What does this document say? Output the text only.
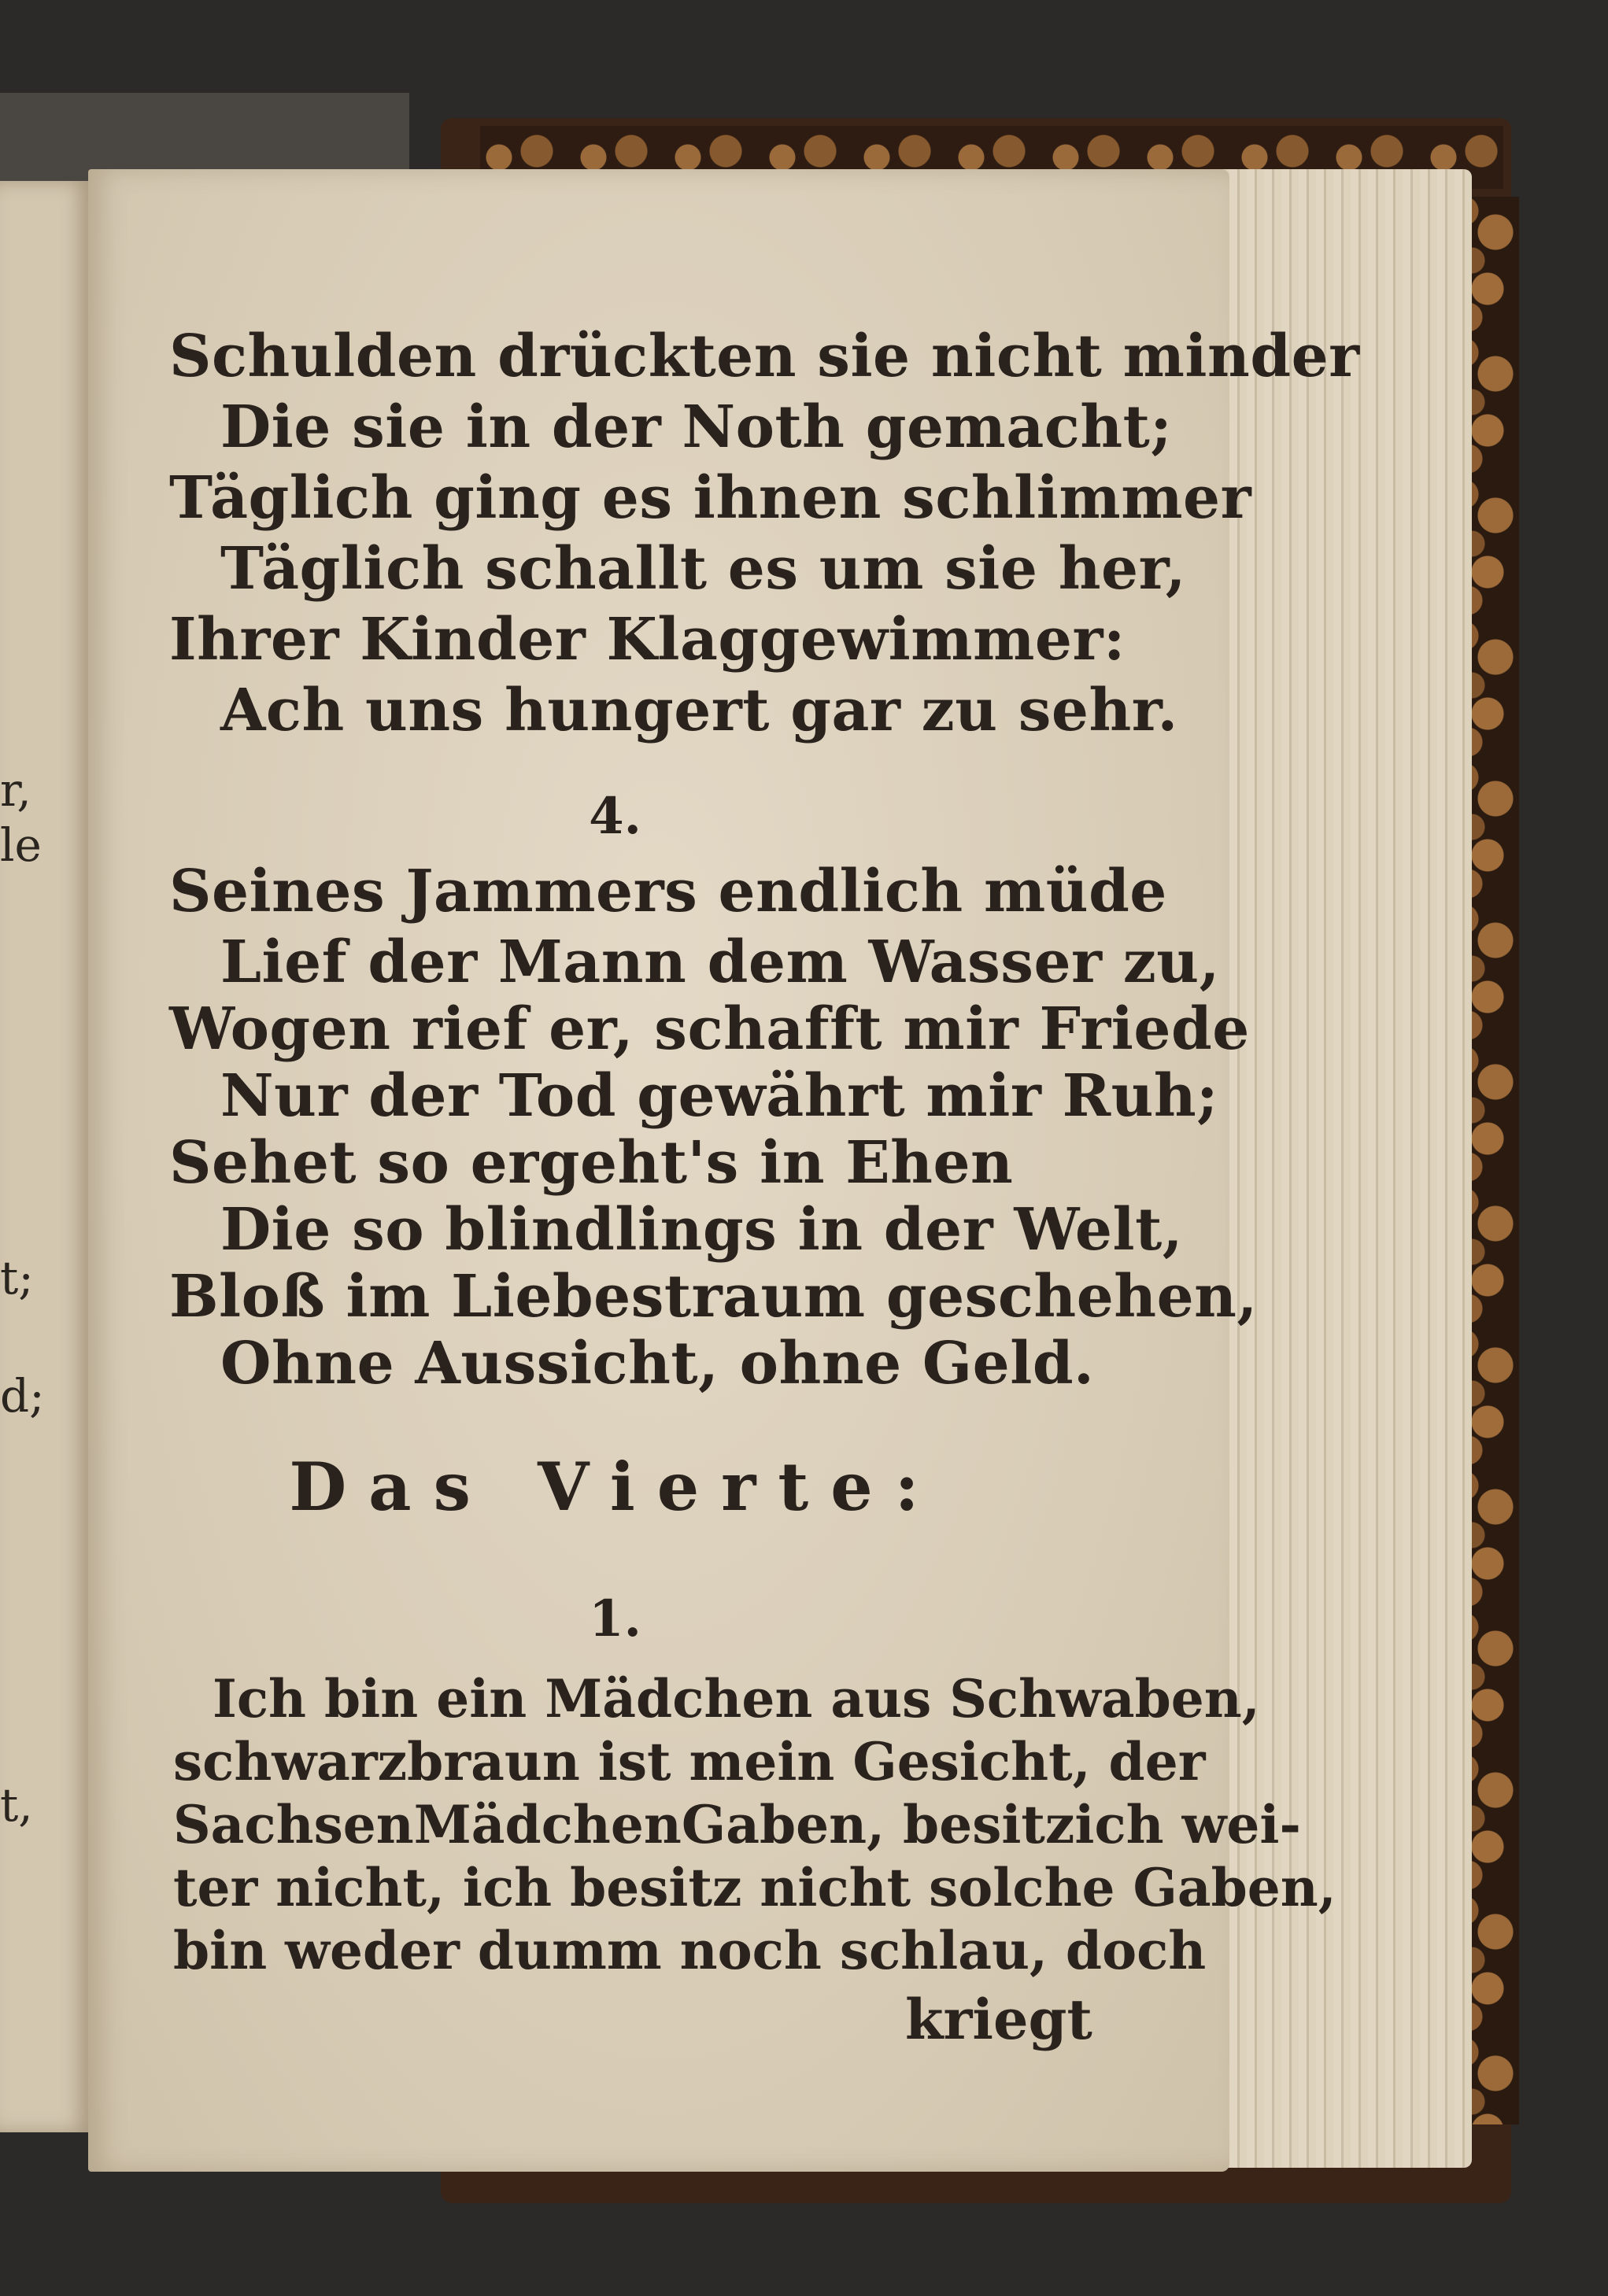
r,
le
t;
d;
t,
Schulden drückten sie nicht minder
Die sie in der Noth gemacht;
Täglich ging es ihnen schlimmer
Täglich schallt es um sie her,
Ihrer Kinder Klaggewimmer:
Ach uns hungert gar zu sehr.
4.
Seines Jammers endlich müde
Lief der Mann dem Wasser zu,
Wogen rief er, schafft mir Friede
Nur der Tod gewährt mir Ruh;
Sehet so ergeht's in Ehen
Die so blindlings in der Welt,
Bloß im Liebestraum geschehen,
Ohne Aussicht, ohne Geld.
Das Vierte:
1.
Ich bin ein Mädchen aus Schwaben,
schwarzbraun ist mein Gesicht, der
SachsenMädchenGaben, besitzich wei-
ter nicht, ich besitz nicht solche Gaben,
bin weder dumm noch schlau, doch
kriegt
